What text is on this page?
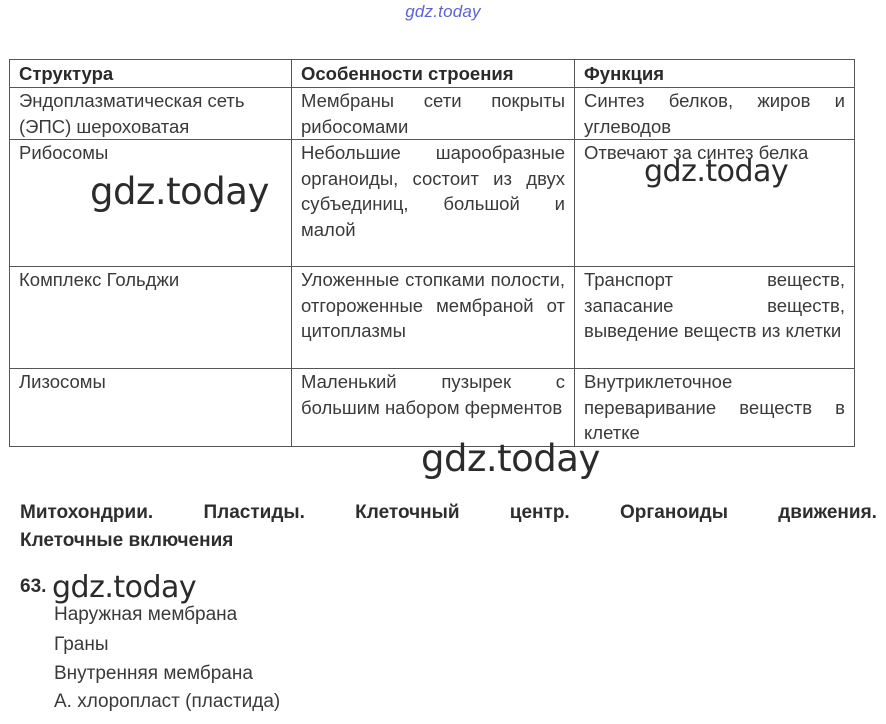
gdz.today
Структура	Особенности строения	Функция
Эндоплазматическая сеть (ЭПС) шероховатая	Мембраны сети покрыты рибосомами	Синтез белков, жиров и углеводов
Рибосомы	Небольшие шарообразные органоиды, состоит из двух субъединиц, большой и малой	Отвечают за синтез белка
Комплекс Гольджи	Уложенные стопками полости, отгороженные мембраной от цитоплазмы	Транспорт веществ, запасание веществ, выведение веществ из клетки
Лизосомы	Маленький пузырек с большим набором ферментов	Внутриклеточное переваривание веществ в клетке
gdz.today	gdz.today
gdz.today
Митохондрии.	Пластиды.	Клеточный	центр.	Органоиды	движения.
Клеточные включения
63. gdz.today
Наружная мембрана
Граны
Внутренняя мембрана
А. хлоропласт (пластида)
